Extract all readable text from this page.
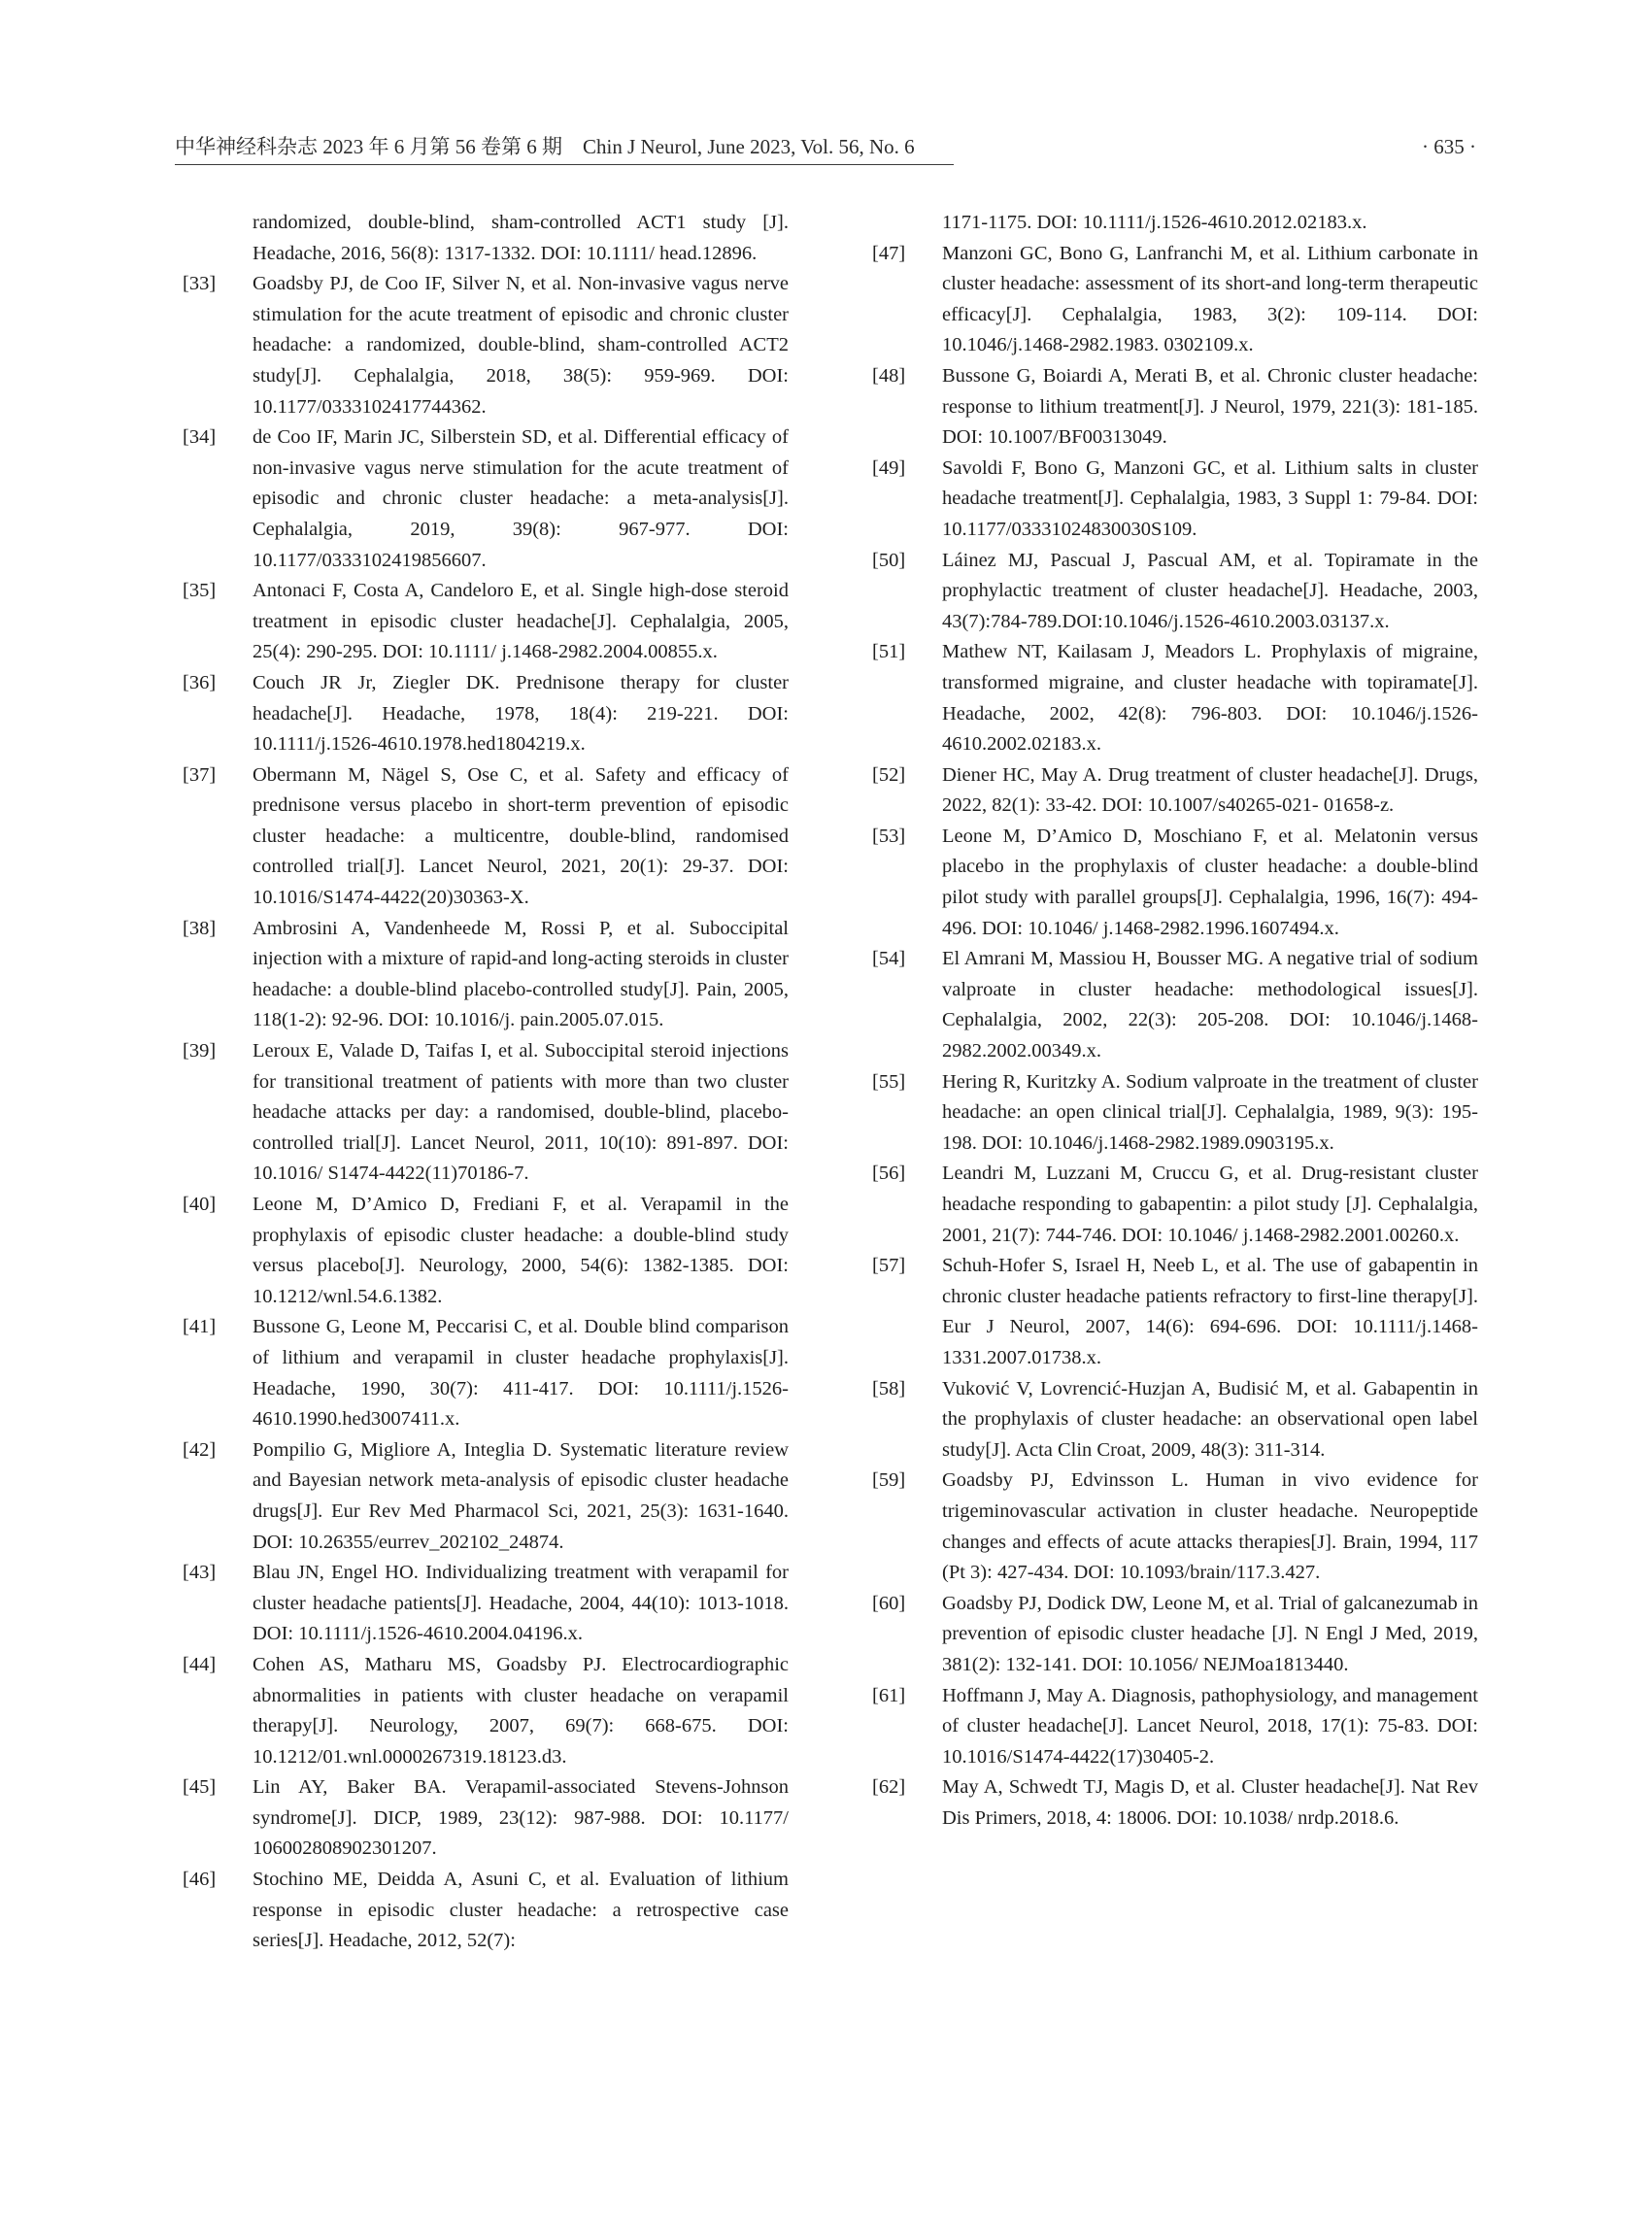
中华神经科杂志 2023 年 6 月第 56 卷第 6 期　Chin J Neurol, June 2023, Vol. 56, No. 6	· 635 ·
randomized, double-blind, sham-controlled ACT1 study [J]. Headache, 2016, 56(8): 1317-1332. DOI: 10.1111/ head.12896.
[33]	Goadsby PJ, de Coo IF, Silver N, et al. Non-invasive vagus nerve stimulation for the acute treatment of episodic and chronic cluster headache: a randomized, double-blind, sham-controlled ACT2 study[J]. Cephalalgia, 2018, 38(5): 959-969. DOI: 10.1177/0333102417744362.
[34]	de Coo IF, Marin JC, Silberstein SD, et al. Differential efficacy of non-invasive vagus nerve stimulation for the acute treatment of episodic and chronic cluster headache: a meta-analysis[J]. Cephalalgia, 2019, 39(8): 967-977. DOI: 10.1177/0333102419856607.
[35]	Antonaci F, Costa A, Candeloro E, et al. Single high-dose steroid treatment in episodic cluster headache[J]. Cephalalgia, 2005, 25(4): 290-295. DOI: 10.1111/ j.1468-2982.2004.00855.x.
[36]	Couch JR Jr, Ziegler DK. Prednisone therapy for cluster headache[J]. Headache, 1978, 18(4): 219-221. DOI: 10.1111/j.1526-4610.1978.hed1804219.x.
[37]	Obermann M, Nägel S, Ose C, et al. Safety and efficacy of prednisone versus placebo in short-term prevention of episodic cluster headache: a multicentre, double-blind, randomised controlled trial[J]. Lancet Neurol, 2021, 20(1): 29-37. DOI: 10.1016/S1474-4422(20)30363-X.
[38]	Ambrosini A, Vandenheede M, Rossi P, et al. Suboccipital injection with a mixture of rapid-and long-acting steroids in cluster headache: a double-blind placebo-controlled study[J]. Pain, 2005, 118(1-2): 92-96. DOI: 10.1016/j. pain.2005.07.015.
[39]	Leroux E, Valade D, Taifas I, et al. Suboccipital steroid injections for transitional treatment of patients with more than two cluster headache attacks per day: a randomised, double-blind, placebo-controlled trial[J]. Lancet Neurol, 2011, 10(10): 891-897. DOI: 10.1016/ S1474-4422(11)70186-7.
[40]	Leone M, D’Amico D, Frediani F, et al. Verapamil in the prophylaxis of episodic cluster headache: a double-blind study versus placebo[J]. Neurology, 2000, 54(6): 1382-1385. DOI: 10.1212/wnl.54.6.1382.
[41]	Bussone G, Leone M, Peccarisi C, et al. Double blind comparison of lithium and verapamil in cluster headache prophylaxis[J]. Headache, 1990, 30(7): 411-417. DOI: 10.1111/j.1526-4610.1990.hed3007411.x.
[42]	Pompilio G, Migliore A, Integlia D. Systematic literature review and Bayesian network meta-analysis of episodic cluster headache drugs[J]. Eur Rev Med Pharmacol Sci, 2021, 25(3): 1631-1640. DOI: 10.26355/eurrev_202102_24874.
[43]	Blau JN, Engel HO. Individualizing treatment with verapamil for cluster headache patients[J]. Headache, 2004, 44(10): 1013-1018. DOI: 10.1111/j.1526-4610.2004.04196.x.
[44]	Cohen AS, Matharu MS, Goadsby PJ. Electrocardiographic abnormalities in patients with cluster headache on verapamil therapy[J]. Neurology, 2007, 69(7): 668-675. DOI: 10.1212/01.wnl.0000267319.18123.d3.
[45]	Lin AY, Baker BA. Verapamil-associated Stevens-Johnson syndrome[J]. DICP, 1989, 23(12): 987-988. DOI: 10.1177/ 106002808902301207.
[46]	Stochino ME, Deidda A, Asuni C, et al. Evaluation of lithium response in episodic cluster headache: a retrospective case series[J]. Headache, 2012, 52(7):
1171-1175. DOI: 10.1111/j.1526-4610.2012.02183.x.
[47]	Manzoni GC, Bono G, Lanfranchi M, et al. Lithium carbonate in cluster headache: assessment of its short-and long-term therapeutic efficacy[J]. Cephalalgia, 1983, 3(2): 109-114. DOI: 10.1046/j.1468-2982.1983. 0302109.x.
[48]	Bussone G, Boiardi A, Merati B, et al. Chronic cluster headache: response to lithium treatment[J]. J Neurol, 1979, 221(3): 181-185. DOI: 10.1007/BF00313049.
[49]	Savoldi F, Bono G, Manzoni GC, et al. Lithium salts in cluster headache treatment[J]. Cephalalgia, 1983, 3 Suppl 1: 79-84. DOI: 10.1177/03331024830030S109.
[50]	Láinez MJ, Pascual J, Pascual AM, et al. Topiramate in the prophylactic treatment of cluster headache[J]. Headache, 2003, 43(7):784-789.DOI:10.1046/j.1526-4610.2003.03137.x.
[51]	Mathew NT, Kailasam J, Meadors L. Prophylaxis of migraine, transformed migraine, and cluster headache with topiramate[J]. Headache, 2002, 42(8): 796-803. DOI: 10.1046/j.1526-4610.2002.02183.x.
[52]	Diener HC, May A. Drug treatment of cluster headache[J]. Drugs, 2022, 82(1): 33-42. DOI: 10.1007/s40265-021- 01658-z.
[53]	Leone M, D’Amico D, Moschiano F, et al. Melatonin versus placebo in the prophylaxis of cluster headache: a double-blind pilot study with parallel groups[J]. Cephalalgia, 1996, 16(7): 494-496. DOI: 10.1046/ j.1468-2982.1996.1607494.x.
[54]	El Amrani M, Massiou H, Bousser MG. A negative trial of sodium valproate in cluster headache: methodological issues[J]. Cephalalgia, 2002, 22(3): 205-208. DOI: 10.1046/j.1468-2982.2002.00349.x.
[55]	Hering R, Kuritzky A. Sodium valproate in the treatment of cluster headache: an open clinical trial[J]. Cephalalgia, 1989, 9(3): 195-198. DOI: 10.1046/j.1468-2982.1989.0903195.x.
[56]	Leandri M, Luzzani M, Cruccu G, et al. Drug-resistant cluster headache responding to gabapentin: a pilot study [J]. Cephalalgia, 2001, 21(7): 744-746. DOI: 10.1046/ j.1468-2982.2001.00260.x.
[57]	Schuh-Hofer S, Israel H, Neeb L, et al. The use of gabapentin in chronic cluster headache patients refractory to first-line therapy[J]. Eur J Neurol, 2007, 14(6): 694-696. DOI: 10.1111/j.1468-1331.2007.01738.x.
[58]	Vuković V, Lovrencić-Huzjan A, Budisić M, et al. Gabapentin in the prophylaxis of cluster headache: an observational open label study[J]. Acta Clin Croat, 2009, 48(3): 311-314.
[59]	Goadsby PJ, Edvinsson L. Human in vivo evidence for trigeminovascular activation in cluster headache. Neuropeptide changes and effects of acute attacks therapies[J]. Brain, 1994, 117 (Pt 3): 427-434. DOI: 10.1093/brain/117.3.427.
[60]	Goadsby PJ, Dodick DW, Leone M, et al. Trial of galcanezumab in prevention of episodic cluster headache [J]. N Engl J Med, 2019, 381(2): 132-141. DOI: 10.1056/ NEJMoa1813440.
[61]	Hoffmann J, May A. Diagnosis, pathophysiology, and management of cluster headache[J]. Lancet Neurol, 2018, 17(1): 75-83. DOI: 10.1016/S1474-4422(17)30405-2.
[62]	May A, Schwedt TJ, Magis D, et al. Cluster headache[J]. Nat Rev Dis Primers, 2018, 4: 18006. DOI: 10.1038/ nrdp.2018.6.
